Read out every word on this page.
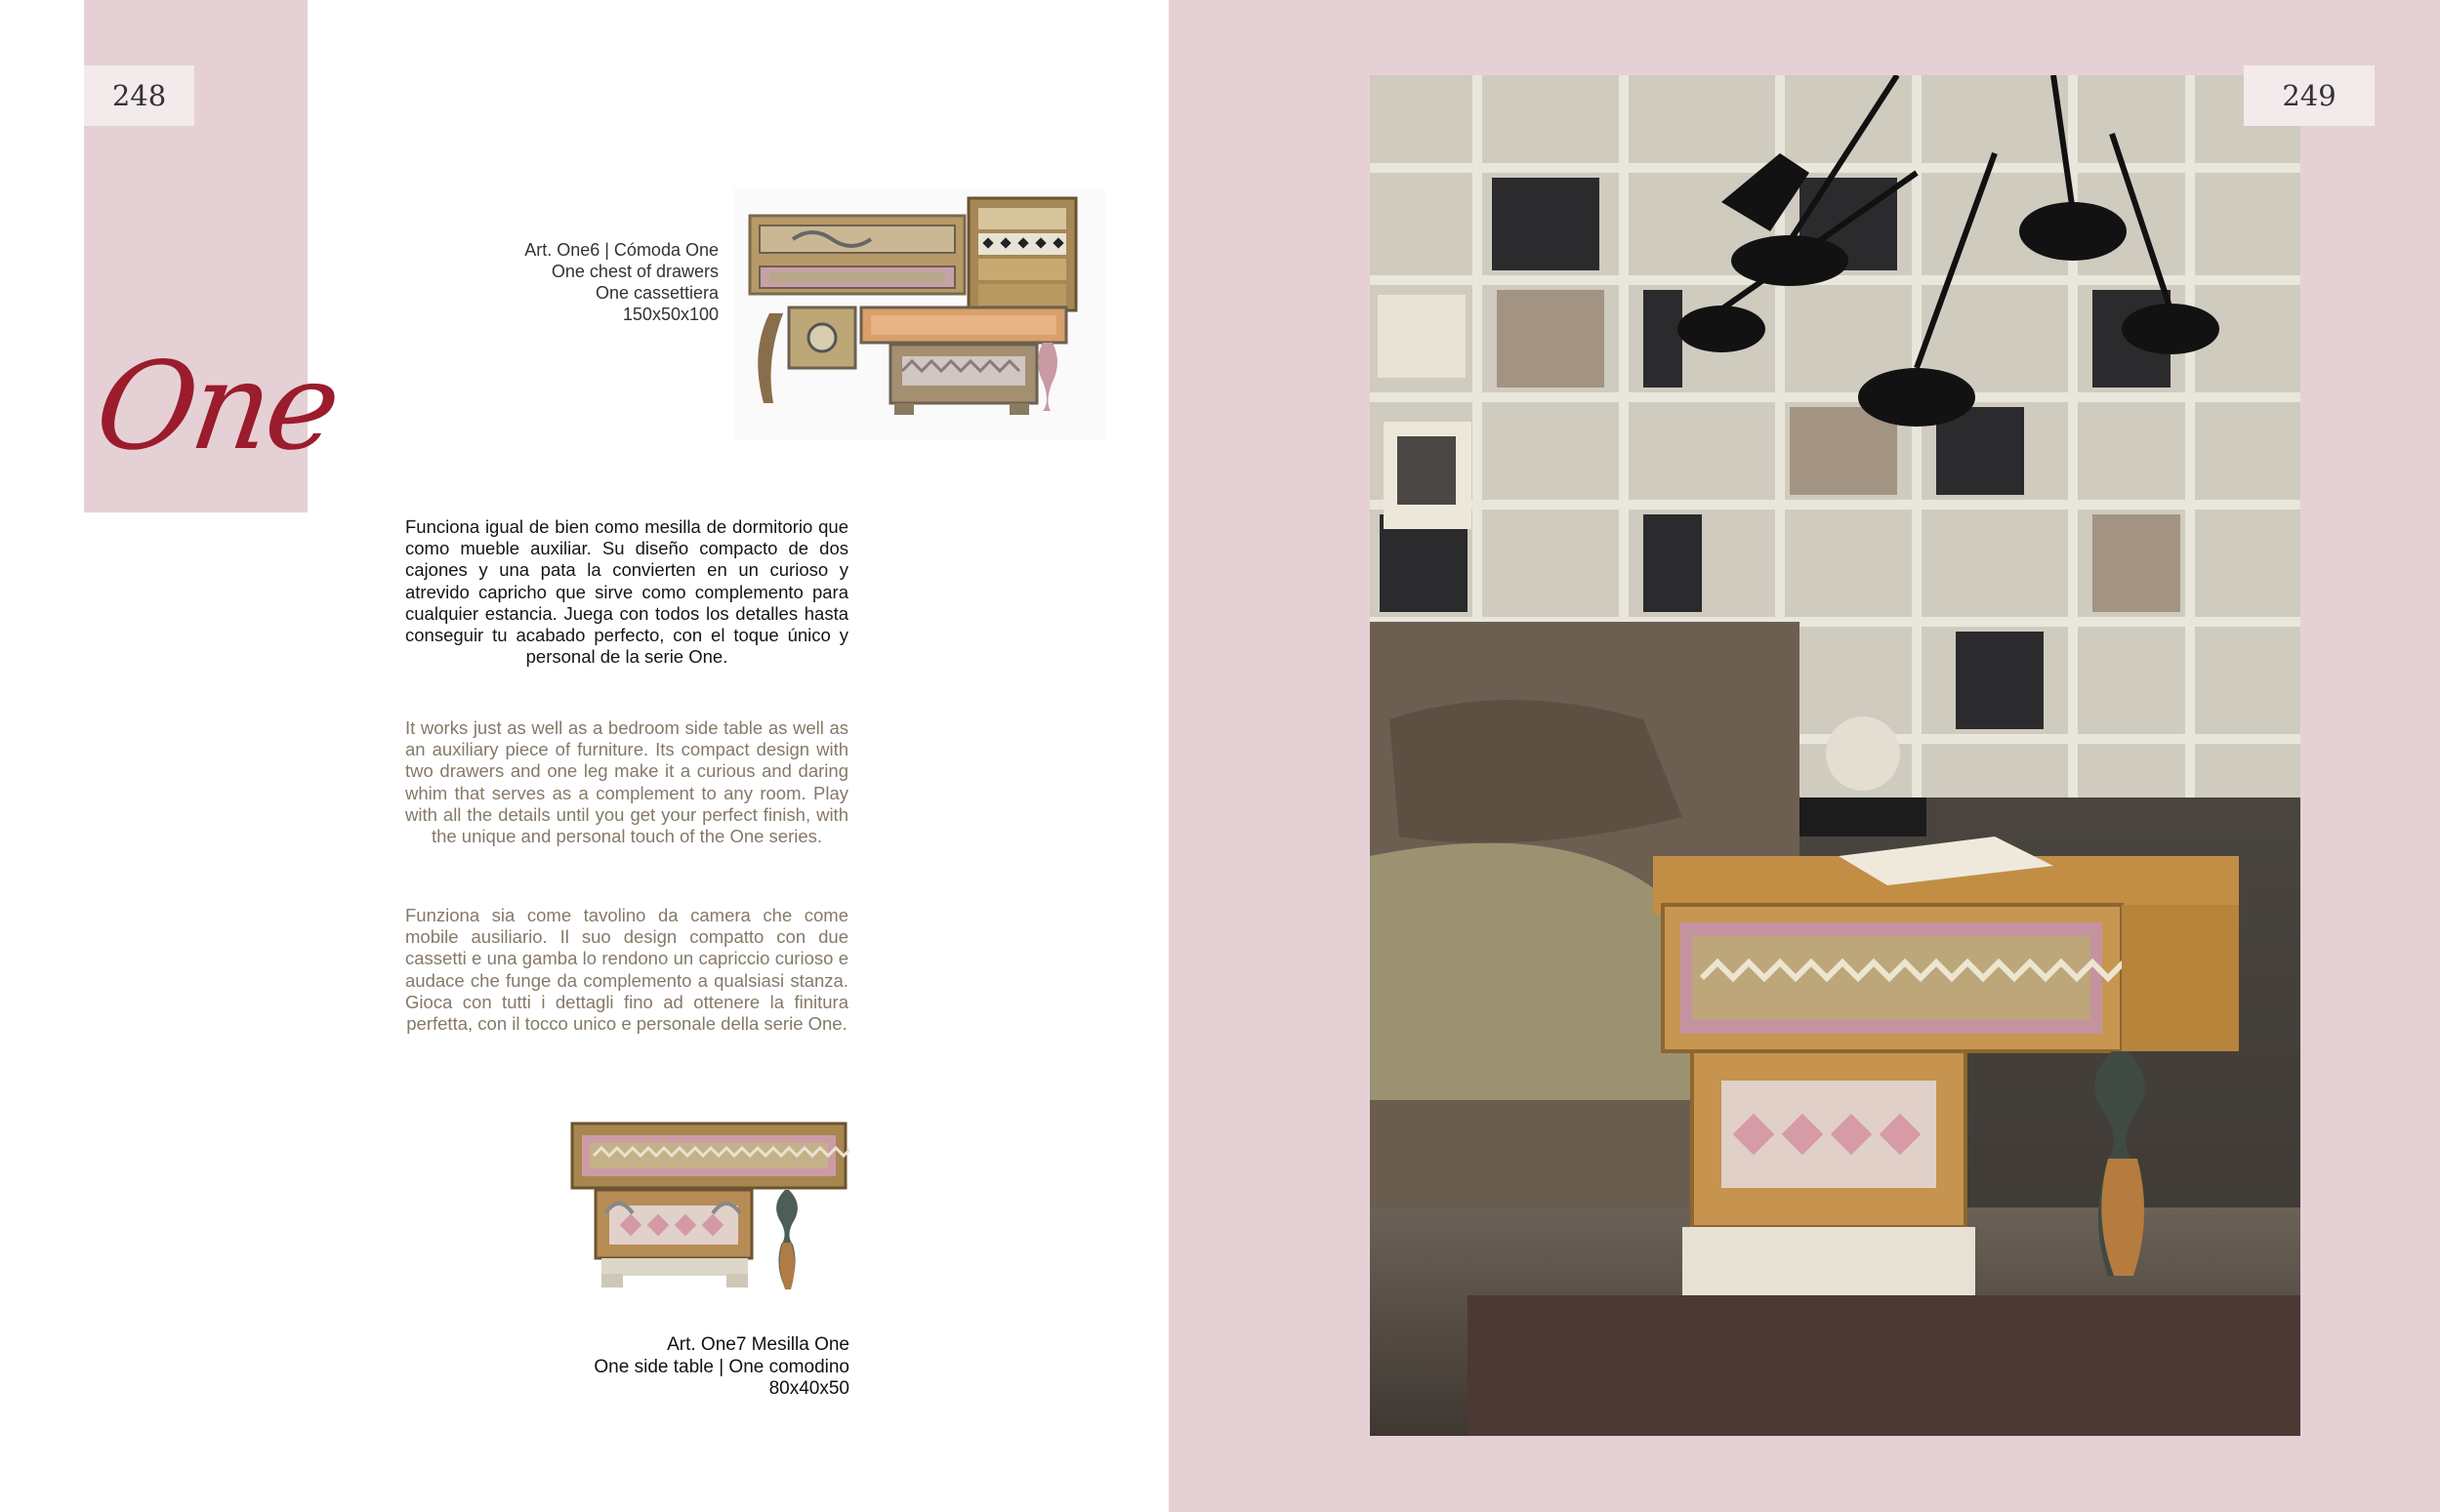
248
One
Art. One6 | Cómoda One
One chest of drawers
One cassettiera
150x50x100
Funciona igual de bien como mesilla de dormitorio que como mueble auxiliar. Su diseño compacto de dos cajones y una pata la convierten en un curioso y atrevido capricho que sirve como complemento para cualquier estancia. Juega con todos los detalles hasta conseguir tu acabado perfecto, con el toque único y personal de la serie One.
It works just as well as a bedroom side table as well as an auxiliary piece of furniture. Its compact design with two drawers and one leg make it a curious and daring whim that serves as a complement to any room. Play with all the details until you get your perfect finish, with the unique and personal touch of the One series.
Funziona sia come tavolino da camera che come mobile ausiliario. Il suo design compatto con due cassetti e una gamba lo rendono un capriccio curioso e audace che funge da complemento a qualsiasi stanza. Gioca con tutti i dettagli fino ad ottenere la finitura perfetta, con il tocco unico e personale della serie One.
Art. One7 Mesilla One
One side table | One comodino
80x40x50
249
